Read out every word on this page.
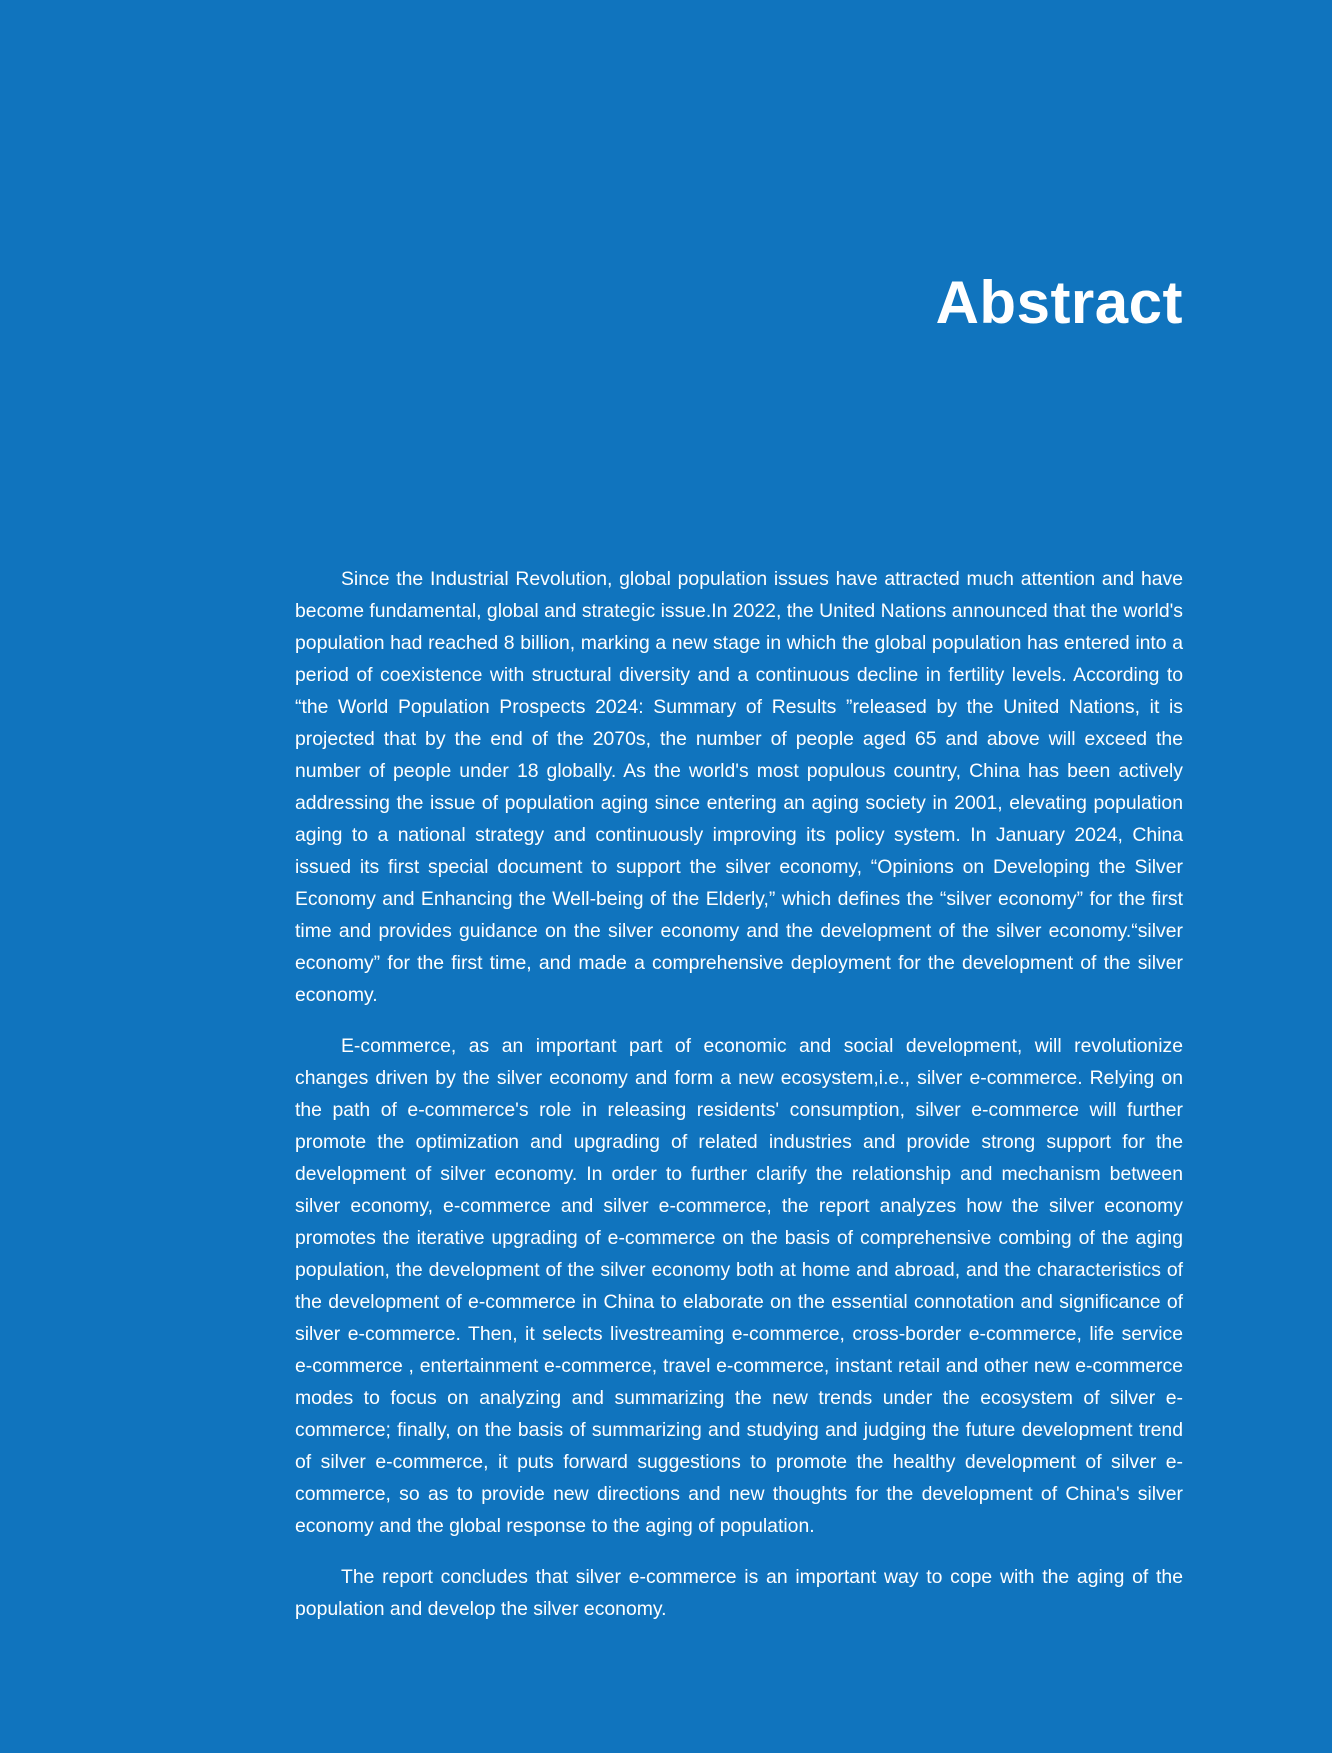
Abstract

Since the Industrial Revolution, global population issues have attracted much attention and have become fundamental, global and strategic issue.In 2022, the United Nations announced that the world's population had reached 8 billion, marking a new stage in which the global population has entered into a period of coexistence with structural diversity and a continuous decline in fertility levels. According to “the World Population Prospects 2024: Summary of Results ”released by the United Nations, it is projected that by the end of the 2070s, the number of people aged 65 and above will exceed the number of people under 18 globally. As the world's most populous country, China has been actively addressing the issue of population aging since entering an aging society in 2001, elevating population aging to a national strategy and continuously improving its policy system. In January 2024, China issued its first special document to support the silver economy, “Opinions on Developing the Silver Economy and Enhancing the Well-being of the Elderly,” which defines the “silver economy” for the first time and provides guidance on the silver economy and the development of the silver economy.“silver economy” for the first time, and made a comprehensive deployment for the development of the silver economy.

E-commerce, as an important part of economic and social development, will revolutionize changes driven by the silver economy and form a new ecosystem,i.e., silver e-commerce. Relying on the path of e-commerce's role in releasing residents' consumption, silver e-commerce will further promote the optimization and upgrading of related industries and provide strong support for the development of silver economy. In order to further clarify the relationship and mechanism between silver economy, e-commerce and silver e-commerce, the report analyzes how the silver economy promotes the iterative upgrading of e-commerce on the basis of comprehensive combing of the aging population, the development of the silver economy both at home and abroad, and the characteristics of the development of e-commerce in China to elaborate on the essential connotation and significance of silver e-commerce. Then, it selects livestreaming e-commerce, cross-border e-commerce, life service e-commerce , entertainment e-commerce, travel e-commerce, instant retail and other new e-commerce modes to focus on analyzing and summarizing the new trends under the ecosystem of silver e-commerce; finally, on the basis of summarizing and studying and judging the future development trend of silver e-commerce, it puts forward suggestions to promote the healthy development of silver e-commerce, so as to provide new directions and new thoughts for the development of China's silver economy and the global response to the aging of population.

The report concludes that silver e-commerce is an important way to cope with the aging of the population and develop the silver economy.
